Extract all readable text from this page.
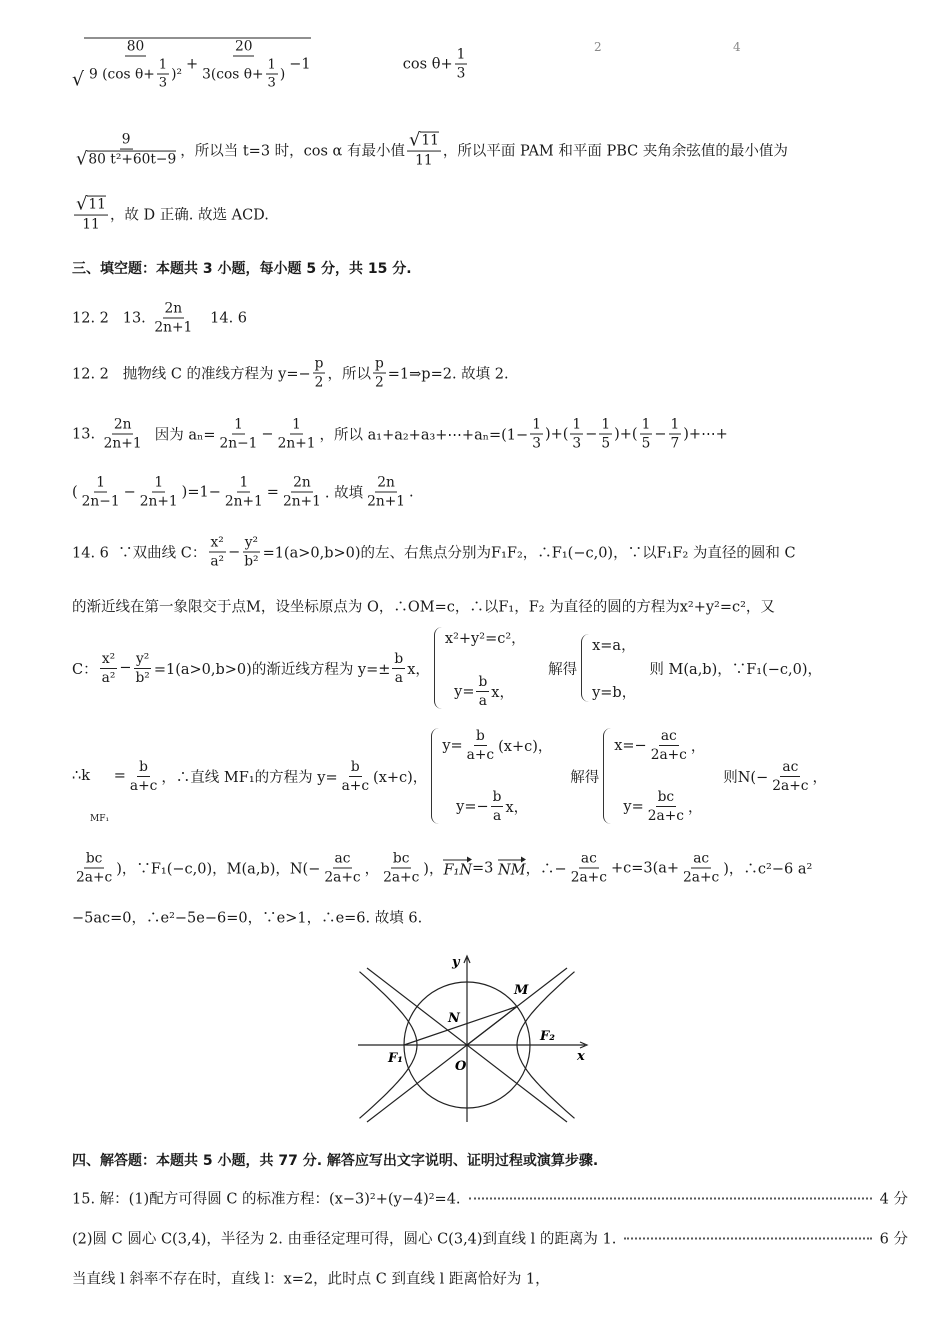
√ $\frac{80}{9 (\cos \theta+ \frac{1}{3} )^2} + \frac{20}{3(\cos \theta+ \frac{1}{3} )} -1$ $\cos \theta+ \frac{1}{3}$
$\frac{9}{\text{√ 80 t²+60t−9}}$ ，所以当 t=3 时，cos α 有最小值 $\frac{√ 11}{11}$ ，所以平面 PAM 和平面 PBC 夹角余弦值的最小值为
$\frac{√ 11}{11}$ ，故 D 正确. 故选 ACD.
三、填空题：本题共 3 小题，每小题 5 分，共 15 分.
12. 2   13. $\frac{2n}{2n+1} 14$. 6
12. 2   抛物线 C 的准线方程为 $y=- \frac{p}{2}$ ，所以 $\frac{p}{2}$ =1⇒p=2. 故填 2.
13. $\frac{2n}{2n+1}$ 因为 $a_n= \frac{1}{2n-1} - \frac{1}{2n+1}$ ，所以 a₁+a₂+a₃+⋯+aₙ=(1− $\frac{1}{3}$ )+( $\frac{1}{3} - \frac{1}{5}$ )+( $\frac{1}{5} - \frac{1}{7}$ )+⋯+
( $\frac{1}{2n-1} - \frac{1}{2n+1} )=1- \frac{1}{2n+1} = \frac{2n}{2n+1}$ . 故填 $\frac{2n}{2n+1}$ .
14. 6  ∵双曲线 C： $\frac{\text{x²}}{\text{a²}} - \frac{\text{y²}}{\text{b²}} =1(a>0,b>0)$的左、右焦点分别为F₁F₂，∴F₁(−c,0)，∵以F₁F₂ 为直径的圆和 C
的渐近线在第一象限交于点M，设坐标原点为 O，∴OM=c，∴以F₁，F₂ 为直径的圆的方程为x²+y²=c²，又
C： $\frac{\text{x²}}{\text{a²}} - \frac{\text{y²}}{\text{b²}} =1(a>0,b>0)$的渐近线方程为 $y=\pm \frac{b}{a}$ x，
x²+y²=c²，
$y= \frac{b}{a}$ x，
解得
x=a，
y=b，
则 M(a,b)，∵F₁(−c,0)，
∴k
MF₁
= $\frac{b}{a+c}$ ，∴直线 MF₁的方程为 $y= \frac{b}{a+c} (x+c)$，
$y= \frac{b}{a+c} (x+c)$，
$y=- \frac{b}{a}$ x，
解得
$x=- \frac{ac}{2a+c}$ ，
$y= \frac{bc}{2a+c}$ ，
则$N(- \frac{ac}{2a+c}$ ，
$\frac{bc}{2a+c}$ )，∵F₁(−c,0)，M(a,b)，$N(- \frac{ac}{2a+c}$ ， $\frac{bc}{2a+c}$ )， F₁N =3 NM ，∴− $\frac{ac}{2a+c} +c=3(a+ \frac{ac}{2a+c}$ )，∴c²−6 a²
−5ac=0，∴e²−5e−6=0，∵e>1，∴e=6. 故填 6.
四、解答题：本题共 5 小题，共 77 分. 解答应写出文字说明、证明过程或演算步骤.
15. 解：(1)配方可得圆 C 的标准方程：(x−3)²+(y−4)²=4.	4 分
(2)圆 C 圆心 C(3,4)，半径为 2. 由垂径定理可得，圆心 C(3,4)到直线 l 的距离为 1.	6 分
当直线 l 斜率不存在时，直线 l：x=2，此时点 C 到直线 l 距离恰好为 1，
2	4
y
M
N
F₂
F₁
O
x
